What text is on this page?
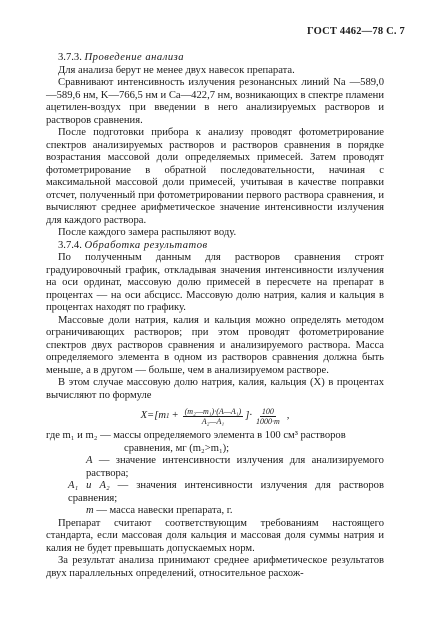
ГОСТ 4462—78 С. 7

3.7.3. Проведение анализа

Для анализа берут не менее двух навесок препарата.

Сравнивают интенсивность излучения резонансных линий Na —589,0—589,6 нм, K—766,5 нм и Ca—422,7 нм, возникающих в спектре пламени ацетилен-воздух при введении в него анализируемых растворов и растворов сравнения.

После подготовки прибора к анализу проводят фотометрирование спектров анализируемых растворов и растворов сравнения в порядке возрастания массовой доли определяемых примесей. Затем проводят фотометрирование в обратной последовательности, начиная с максимальной массовой доли примесей, учитывая в качестве поправки отсчет, полученный при фотометрировании первого раствора сравнения, и вычисляют среднее арифметическое значение интенсивности излучения для каждого раствора.

После каждого замера распыляют воду.

3.7.4. Обработка результатов

По полученным данным для растворов сравнения строят градуировочный график, откладывая значения интенсивности излучения на оси ординат, массовую долю примесей в пересчете на препарат в процентах — на оси абсцисс. Массовую долю натрия, калия и кальция в процентах находят по графику.

Массовые доли натрия, калия и кальция можно определять методом ограничивающих растворов; при этом проводят фотометрирование спектров двух растворов сравнения и анализируемого раствора. Масса определяемого элемента в одном из растворов сравнения должна быть меньше, а в другом — больше, чем в анализируемом растворе.

В этом случае массовую долю натрия, калия, кальция (X) в процентах вычисляют по формуле

X=[m $1 + \frac{\text{(m₂—m₁)·(A—A₁)}}{\text{A₂—A₁}}$ ]· $\frac{100}{1000\cdot m}$ ,

где m₁ и m₂ — массы определяемого элемента в 100 см³ растворов

сравнения, мг (m₂>m₁);

A — значение интенсивности излучения для анализируемого раствора;

A₁ и A₂ — значения интенсивности излучения для растворов сравнения;

m — масса навески препарата, г.

Препарат считают соответствующим требованиям настоящего стандарта, если массовая доля кальция и массовая доля суммы натрия и калия не будет превышать допускаемых норм.

За результат анализа принимают среднее арифметическое результатов двух параллельных определений, относительное расхож-
